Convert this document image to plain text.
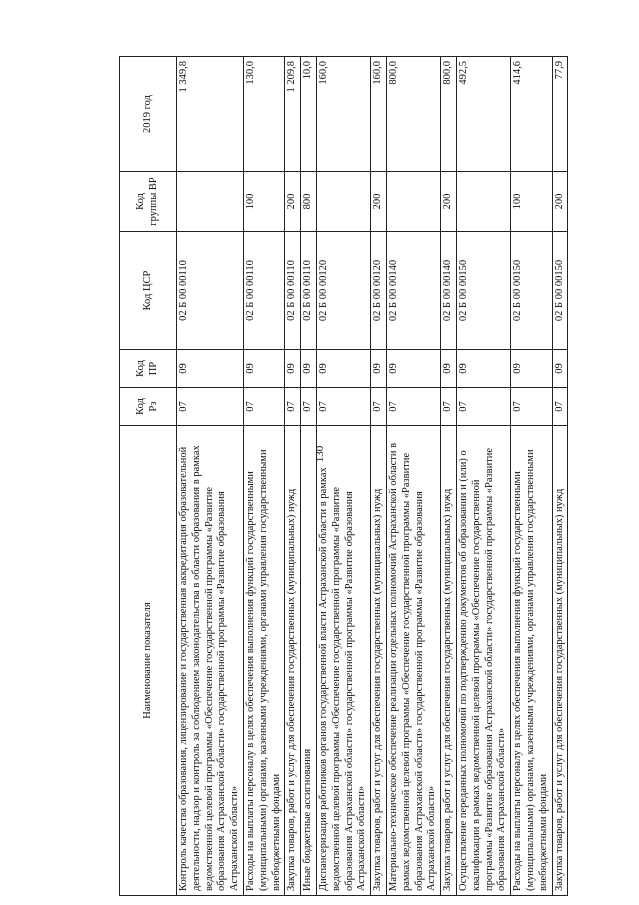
130
Наименование показателя	Код Рз	Код ПР	Код ЦСР	Код группы ВР	2019 год
Контроль качества образования, лицензирование и государственная аккредитация образовательной деятельности, надзор и контроль за соблюдением законодательства в области образования в рамках ведомственной целевой программы «Обеспечение государственной программы «Развитие образования Астраханской области» государственной программы «Развитие образования Астраханской области»	07	09	02 Б 00 00110		1 349,8
Расходы на выплаты персоналу в целях обеспечения выполнения функций государственными (муниципальными) органами, казенными учреждениями, органами управления государственными внебюджетными фондами	07	09	02 Б 00 00110	100	130,0
Закупка товаров, работ и услуг для обеспечения государственных (муниципальных) нужд	07	09	02 Б 00 00110	200	1 209,8
Иные бюджетные ассигнования	07	09	02 Б 00 00110	800	10,0
Диспансеризация работников органов государственной власти Астраханской области в рамках ведомственной целевой программы «Обеспечение государственной программы «Развитие образования Астраханской области» государственной программы «Развитие образования Астраханской области»	07	09	02 Б 00 00120		160,0
Закупка товаров, работ и услуг для обеспечения государственных (муниципальных) нужд	07	09	02 Б 00 00120	200	160,0
Материально-техническое обеспечение реализации отдельных полномочий Астраханской области в рамках ведомственной целевой программы «Обеспечение государственной программы «Развитие образования Астраханской области» государственной программы «Развитие образования Астраханской области»	07	09	02 Б 00 00140		800,0
Закупка товаров, работ и услуг для обеспечения государственных (муниципальных) нужд	07	09	02 Б 00 00140	200	800,0
Осуществление переданных полномочий по подтверждению документов об образовании и (или) о квалификации в рамках ведомственной целевой программы «Обеспечение государственной программы «Развитие образования Астраханской области» государственной программы «Развитие образования Астраханской области»	07	09	02 Б 00 00150		492,5
Расходы на выплаты персоналу в целях обеспечения выполнения функций государственными (муниципальными) органами, казенными учреждениями, органами управления государственными внебюджетными фондами	07	09	02 Б 00 00150	100	414,6
Закупка товаров, работ и услуг для обеспечения государственных (муниципальных) нужд	07	09	02 Б 00 00150	200	77,9
